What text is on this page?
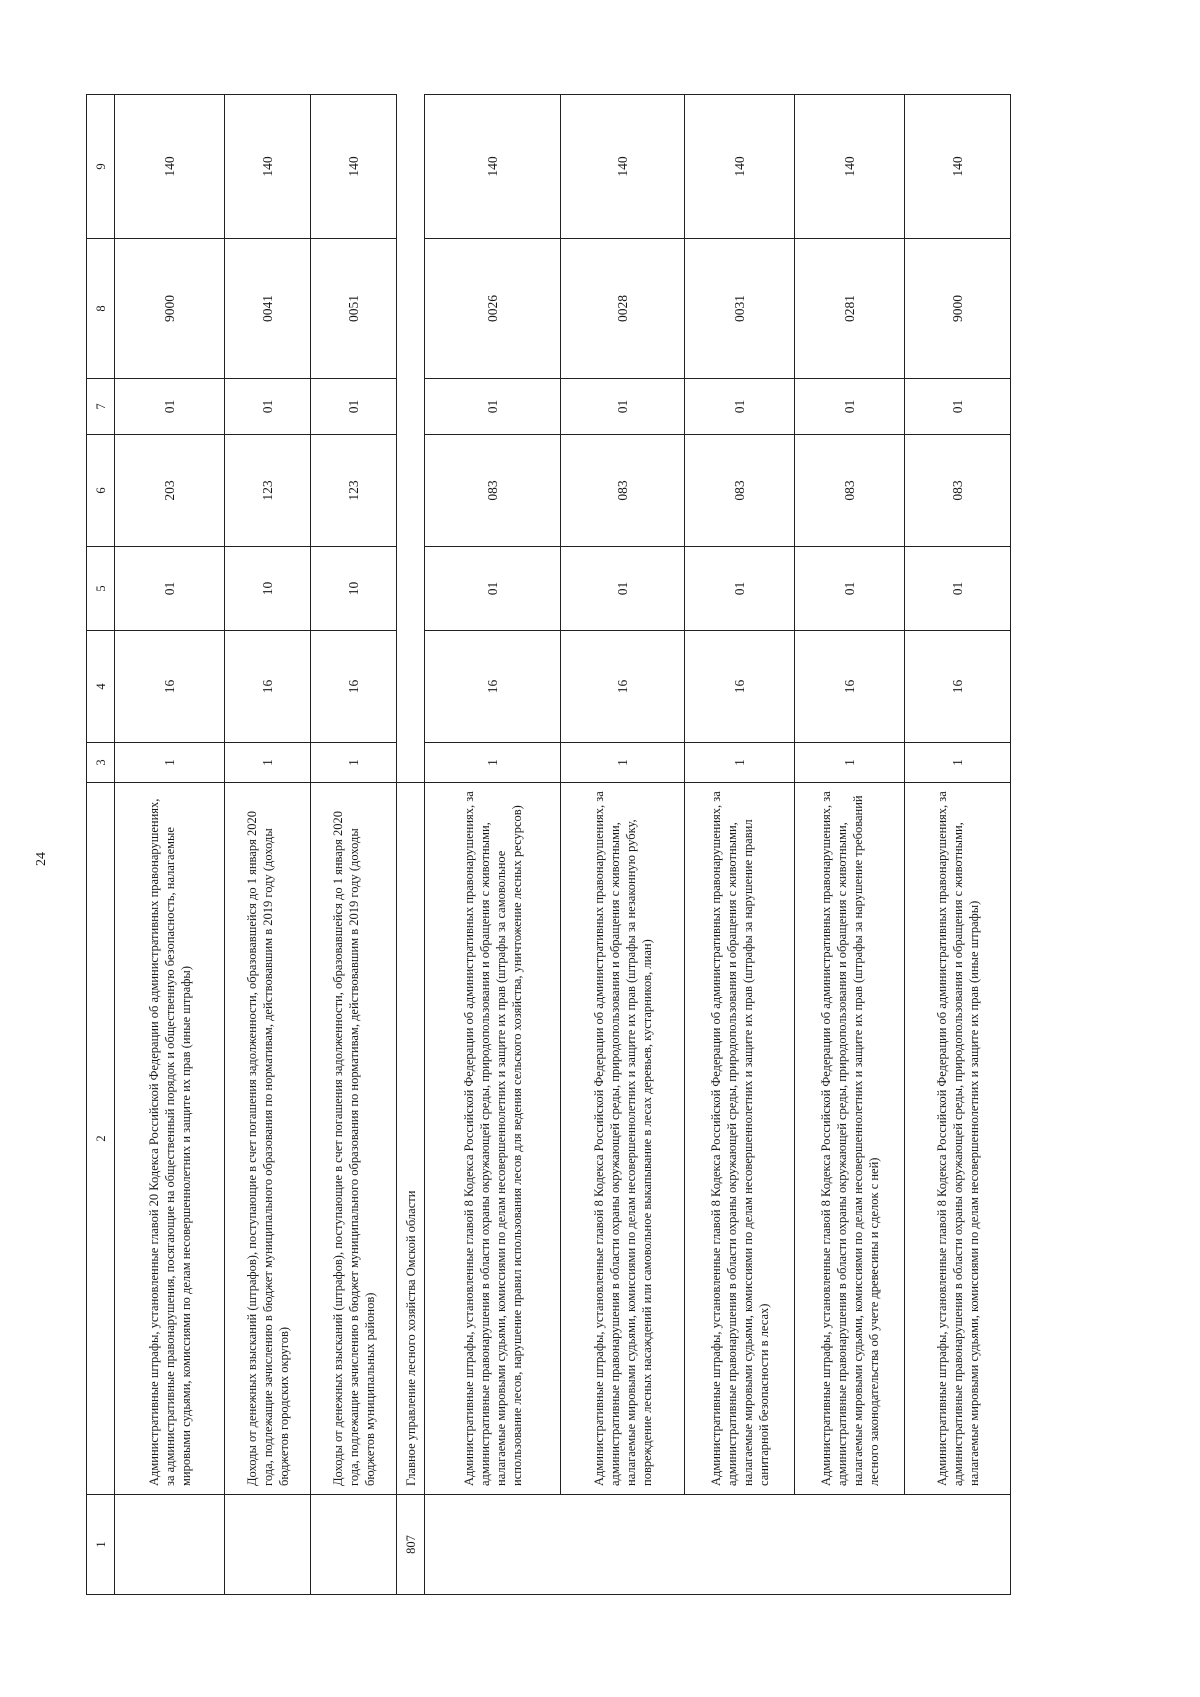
24
1	2	3	4	5	6	7	8	9
	Административные штрафы, установленные главой 20 Кодекса Российской Федерации об административных правонарушениях, за административные правонарушения, посягающие на общественный порядок и общественную безопасность, налагаемые мировыми судьями, комиссиями по делам несовершеннолетних и защите их прав (иные штрафы)	1	16	01	203	01	9000	140
	Доходы от денежных взысканий (штрафов), поступающие в счет погашения задолженности, образовавшейся до 1 января 2020 года, подлежащие зачислению в бюджет муниципального образования по нормативам, действовавшим в 2019 году (доходы бюджетов городских округов)	1	16	10	123	01	0041	140
	Доходы от денежных взысканий (штрафов), поступающие в счет погашения задолженности, образовавшейся до 1 января 2020 года, подлежащие зачислению в бюджет муниципального образования по нормативам, действовавшим в 2019 году (доходы бюджетов муниципальных районов)	1	16	10	123	01	0051	140
807	Главное управление лесного хозяйства Омской области							
	Административные штрафы, установленные главой 8 Кодекса Российской Федерации об административных правонарушениях, за административные правонарушения в области охраны окружающей среды, природопользования и обращения с животными, налагаемые мировыми судьями, комиссиями по делам несовершеннолетних и защите их прав (штрафы за самовольное использование лесов, нарушение правил использования лесов для ведения сельского хозяйства, уничтожение лесных ресурсов)	1	16	01	083	01	0026	140
	Административные штрафы, установленные главой 8 Кодекса Российской Федерации об административных правонарушениях, за административные правонарушения в области охраны окружающей среды, природопользования и обращения с животными, налагаемые мировыми судьями, комиссиями по делам несовершеннолетних и защите их прав (штрафы за незаконную рубку, повреждение лесных насаждений или самовольное выкапывание в лесах деревьев, кустарников, лиан)	1	16	01	083	01	0028	140
	Административные штрафы, установленные главой 8 Кодекса Российской Федерации об административных правонарушениях, за административные правонарушения в области охраны окружающей среды, природопользования и обращения с животными, налагаемые мировыми судьями, комиссиями по делам несовершеннолетних и защите их прав (штрафы за нарушение правил санитарной безопасности в лесах)	1	16	01	083	01	0031	140
	Административные штрафы, установленные главой 8 Кодекса Российской Федерации об административных правонарушениях, за административные правонарушения в области охраны окружающей среды, природопользования и обращения с животными, налагаемые мировыми судьями, комиссиями по делам несовершеннолетних и защите их прав (штрафы за нарушение требований лесного законодательства об учете древесины и сделок с ней)	1	16	01	083	01	0281	140
	Административные штрафы, установленные главой 8 Кодекса Российской Федерации об административных правонарушениях, за административные правонарушения в области охраны окружающей среды, природопользования и обращения с животными, налагаемые мировыми судьями, комиссиями по делам несовершеннолетних и защите их прав (иные штрафы)	1	16	01	083	01	9000	140
